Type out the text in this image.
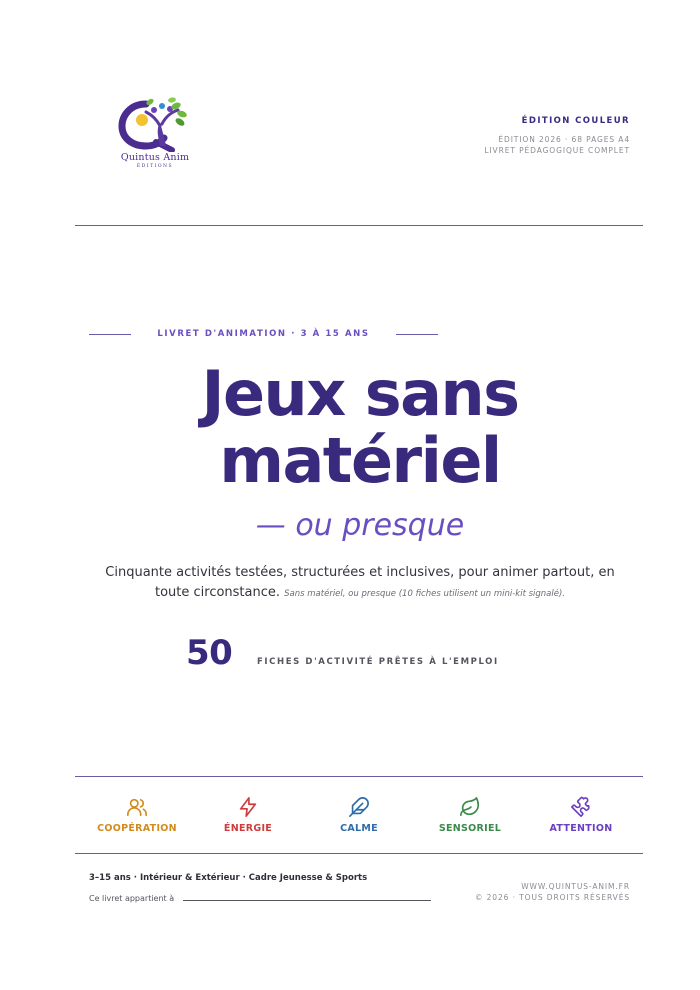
Quintus Anim
ÉDITIONS
ÉDITION COULEUR
ÉDITION 2026 · 68 PAGES A4
LIVRET PÉDAGOGIQUE COMPLET
LIVRET D'ANIMATION · 3 À 15 ANS
Jeux sans
matériel
— ou presque
Cinquante activités testées, structurées et inclusives, pour animer partout, en toute circonstance. Sans matériel, ou presque (10 fiches utilisent un mini-kit signalé).
50	FICHES D'ACTIVITÉ PRÊTES À L'EMPLOI
COOPÉRATION	ÉNERGIE	CALME	SENSORIEL	ATTENTION
3–15 ans · Intérieur & Extérieur · Cadre Jeunesse & Sports
Ce livret appartient à
WWW.QUINTUS-ANIM.FR
© 2026 · TOUS DROITS RÉSERVÉS
